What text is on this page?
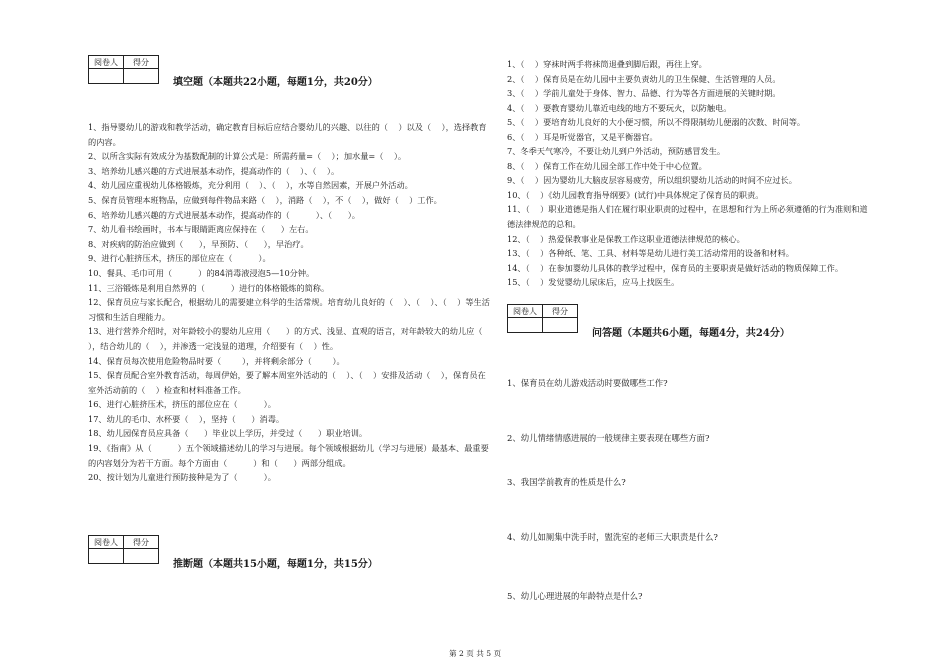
阅卷人	得分

填空题（本题共22小题，每题1分，共20分）

1、指导婴幼儿的游戏和教学活动，确定教育目标后应结合婴幼儿的兴趣、以往的（    ）以及（    ），选择教育的内容。

2、以所含实际有效成分为基数配制的计算公式是：所需药量=（    ）；加水量=（    ）。

3、培养幼儿感兴趣的方式进展基本动作，提高动作的（    ）、（    ）。

4、幼儿园应重视幼儿体格锻炼，充分利用（    ）、（    ），水等自然因素，开展户外活动。

5、保育员管理本班物品，应做到每件物品来路（    ），消路（    ），不（    ），做好（    ）工作。

6、培养幼儿感兴趣的方式进展基本动作，提高动作的（          ）、（      ）。

7、幼儿看书绘画时，书本与眼睛距离应保持在（      ）左右。

8、对疾病的防治应做到（      ），早预防、（      ），早治疗。

9、进行心脏挤压术，挤压的部位应在（          ）。

10、餐具、毛巾可用（          ）的84消毒液浸泡5—10分钟。

11、三浴锻炼是利用自然界的（          ）进行的体格锻炼的简称。

12、保育员应与家长配合，根据幼儿的需要建立科学的生活常规。培育幼儿良好的（    ）、（    ）、（    ）等生活习惯和生活自理能力。

13、进行营养介绍时，对年龄较小的婴幼儿应用（      ）的方式、浅显、直观的语言，对年龄较大的幼儿应（    ），结合幼儿的（    ），并渗透一定浅显的道理，介绍要有（    ）性。

14、保育员每次使用危险物品时要（        ），并将剩余部分（        ）。

15、保育员配合室外教育活动，每周伊始，要了解本周室外活动的（    ）、（    ）安排及活动（    ），保育员在室外活动前的（    ）检查和材料准备工作。

16、进行心脏挤压术，挤压的部位应在（          ）。

17、幼儿的毛巾、水杯要（    ），坚持（      ）消毒。

18、幼儿园保育员应具备（      ）毕业以上学历，并受过（      ）职业培训。

19、《指南》从（          ）五个领域描述幼儿的学习与进展。每个领域根据幼儿（学习与进展）最基本、最重要的内容划分为若干方面。每个方面由（          ）和（      ）两部分组成。

20、按计划为儿童进行预防接种是为了（          ）。

阅卷人	得分

推断题（本题共15小题，每题1分，共15分）

1、（    ）穿袜时两手将袜筒退叠到脚后跟，再往上穿。

2、（    ）保育员是在幼儿园中主要负责幼儿的卫生保健、生活管理的人员。

3、（    ）学前儿童处于身体、智力、品德、行为等各方面进展的关键时期。

4、（    ）要教育婴幼儿靠近电线的地方不要玩火，以防触电。

5、（    ）要培育幼儿良好的大小便习惯，所以不得限制幼儿便溺的次数、时间等。

6、（    ）耳是听觉器官，又是平衡器官。

7、冬季天气寒冷，不要让幼儿到户外活动，预防感冒发生。

8、（    ）保育工作在幼儿园全部工作中处于中心位置。

9、（    ）因为婴幼儿大脑皮层容易疲劳，所以组织婴幼儿活动的时间不应过长。

10、（    ）《幼儿园教育指导纲要》(试行)中具体规定了保育员的职责。

11、（    ）职业道德是指人们在履行职业职责的过程中，在思想和行为上所必须遵循的行为准则和道德法律规范的总和。

12、（    ）热爱保教事业是保教工作这职业道德法律规范的核心。

13、（    ）各种纸、笔、工具、材料等是幼儿进行美工活动常用的设备和材料。

14、（    ）在参加婴幼儿具体的教学过程中，保育员的主要职责是做好活动的物质保障工作。

15、（    ）发觉婴幼儿尿床后，应马上找医生。

阅卷人	得分

问答题（本题共6小题，每题4分，共24分）

1、保育员在幼儿游戏活动时要做哪些工作?

2、幼儿情绪情感进展的一般规律主要表现在哪些方面?

3、我国学前教育的性质是什么?

4、幼儿如厕集中洗手时，盥洗室的老师三大职责是什么?

5、幼儿心理进展的年龄特点是什么?

第 2 页 共 5 页
